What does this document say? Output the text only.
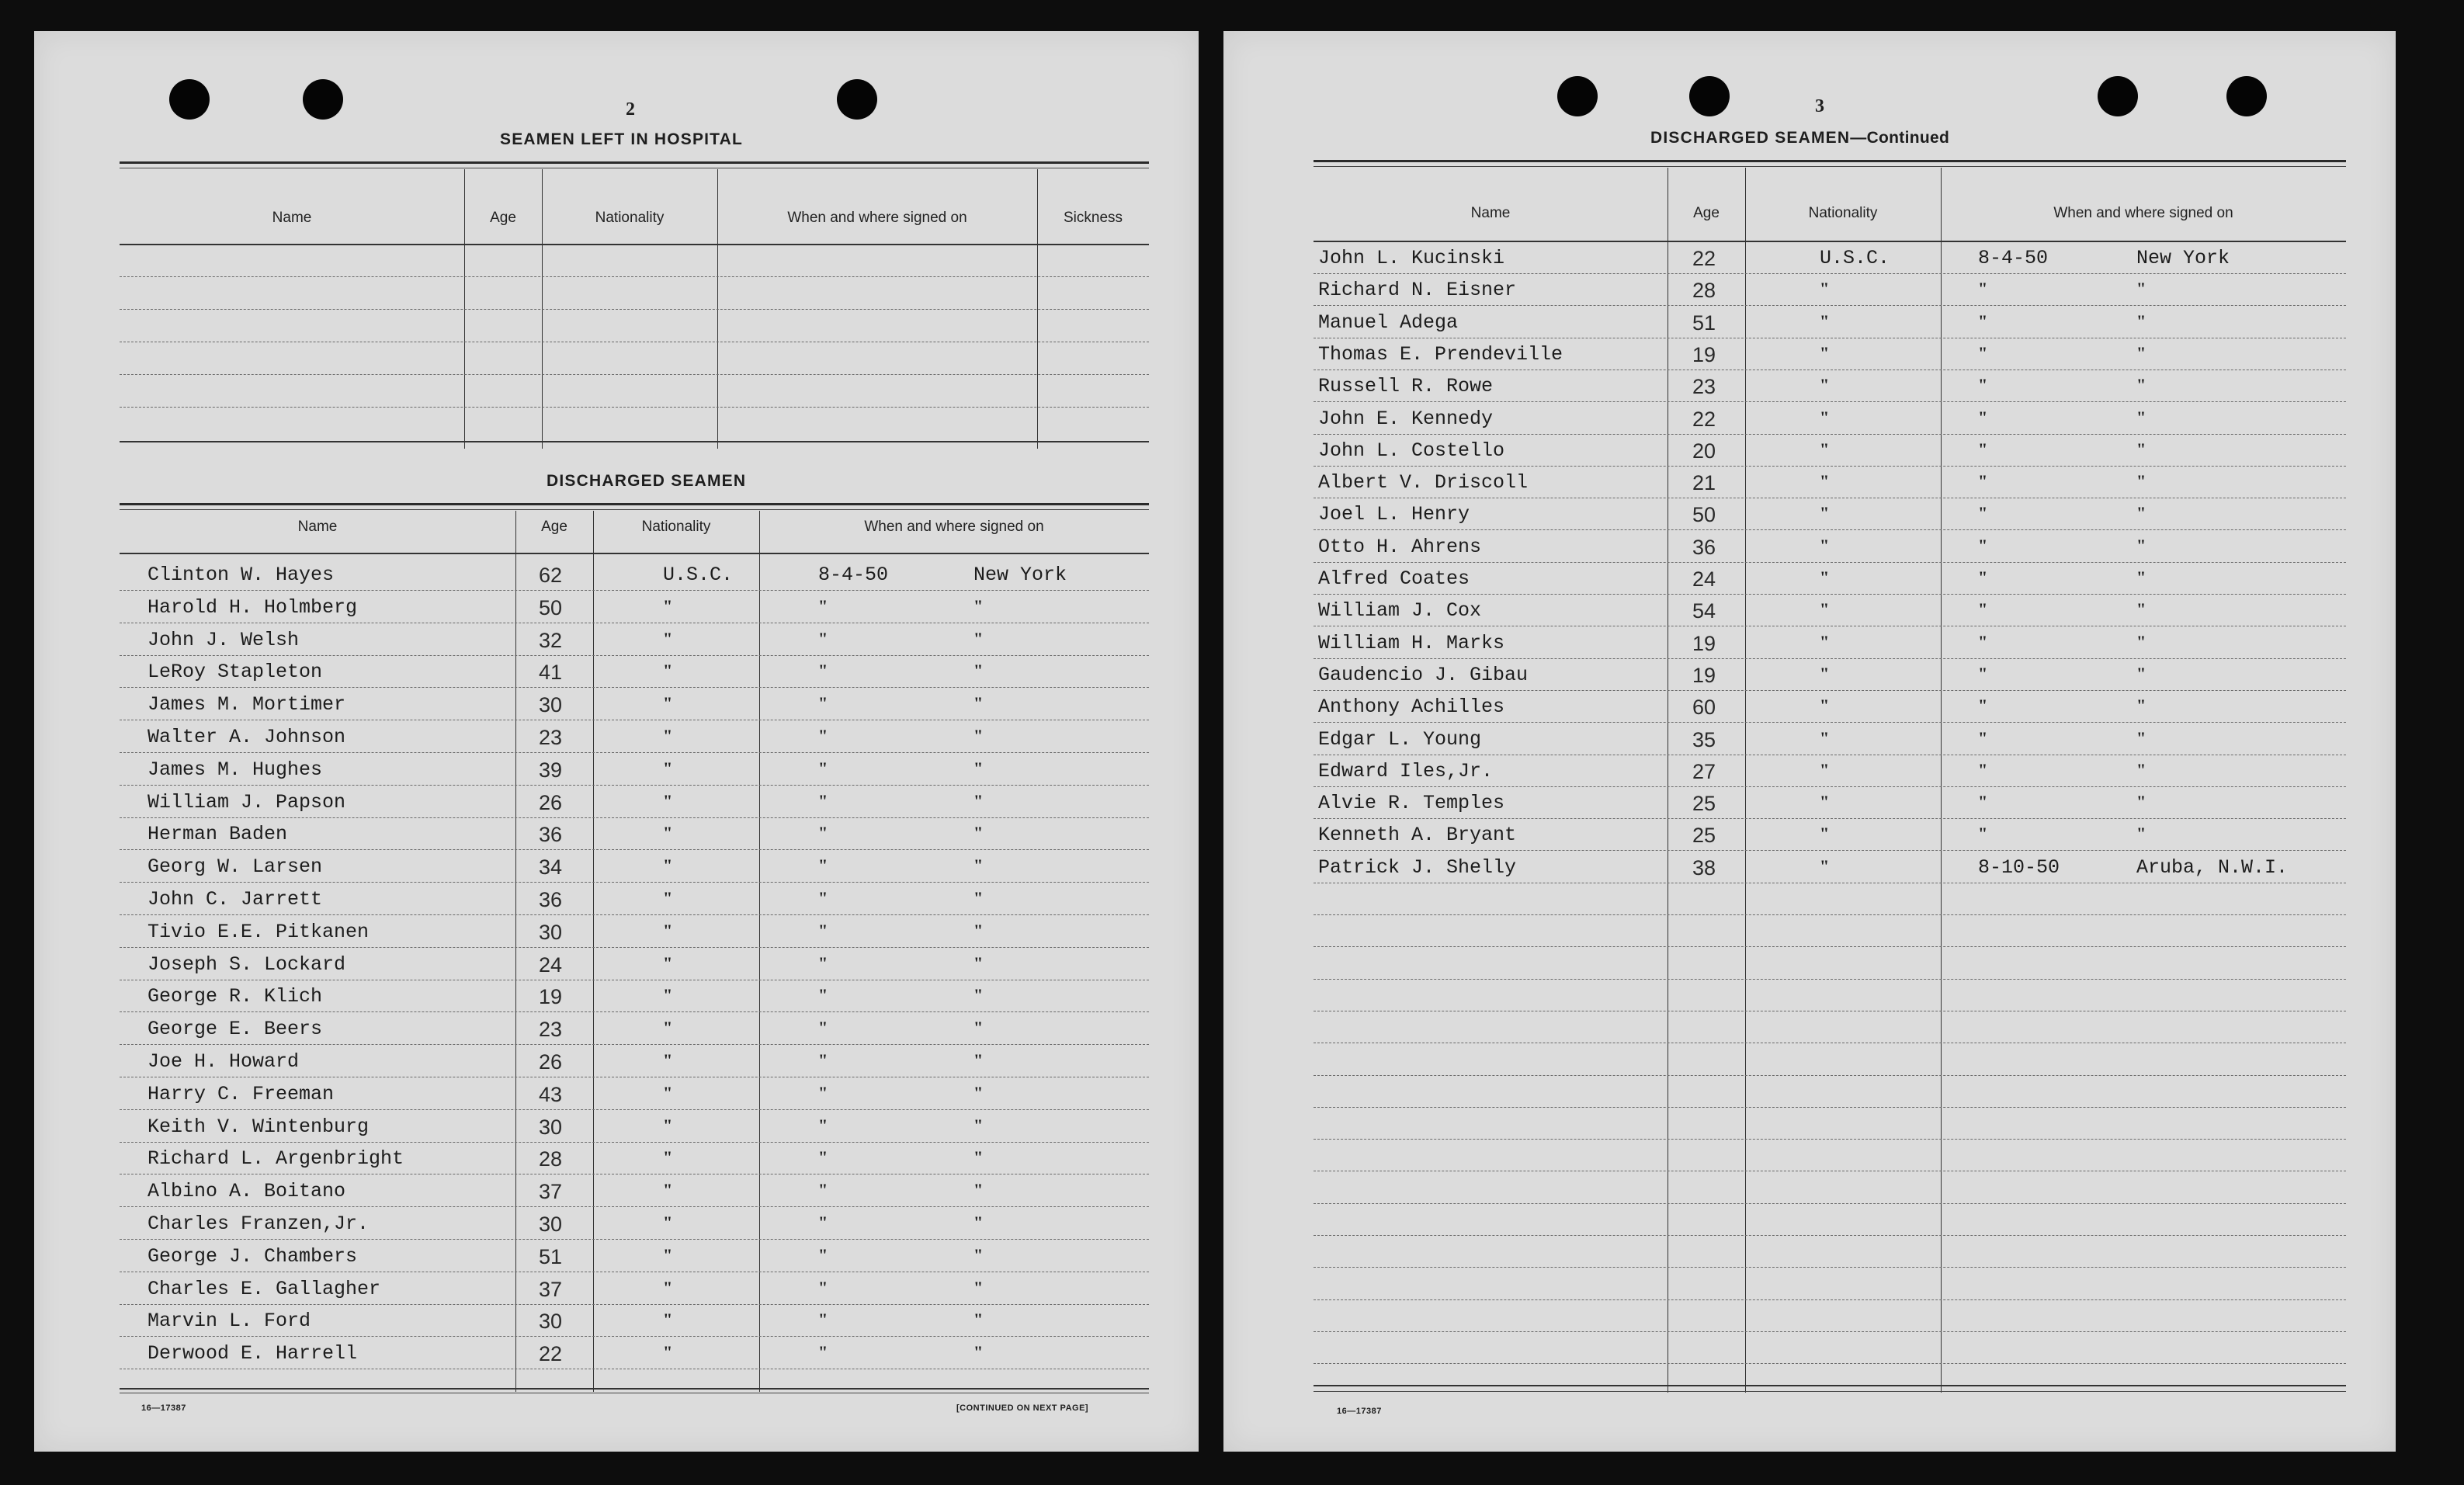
2
SEAMEN LEFT IN HOSPITAL
Name	Age	Nationality	When and where signed on	Sickness
DISCHARGED SEAMEN
Name	Age	Nationality	When and where signed on
Clinton W. Hayes	62	U.S.C.	8-4-50	New York
Harold H. Holmberg	50	"	"	"
John J. Welsh	32	"	"	"
LeRoy Stapleton	41	"	"	"
James M. Mortimer	30	"	"	"
Walter A. Johnson	23	"	"	"
James M. Hughes	39	"	"	"
William J. Papson	26	"	"	"
Herman Baden	36	"	"	"
Georg W. Larsen	34	"	"	"
John C. Jarrett	36	"	"	"
Tivio E.E. Pitkanen	30	"	"	"
Joseph S. Lockard	24	"	"	"
George R. Klich	19	"	"	"
George E. Beers	23	"	"	"
Joe H. Howard	26	"	"	"
Harry C. Freeman	43	"	"	"
Keith V. Wintenburg	30	"	"	"
Richard L. Argenbright	28	"	"	"
Albino A. Boitano	37	"	"	"
Charles Franzen,Jr.	30	"	"	"
George J. Chambers	51	"	"	"
Charles E. Gallagher	37	"	"	"
Marvin L. Ford	30	"	"	"
Derwood E. Harrell	22	"	"	"
16—17387	[CONTINUED ON NEXT PAGE]
3
DISCHARGED SEAMEN—Continued
Name	Age	Nationality	When and where signed on
John L. Kucinski	22	U.S.C.	8-4-50	New York
Richard N. Eisner	28	"	"	"
Manuel Adega	51	"	"	"
Thomas E. Prendeville	19	"	"	"
Russell R. Rowe	23	"	"	"
John E. Kennedy	22	"	"	"
John L. Costello	20	"	"	"
Albert V. Driscoll	21	"	"	"
Joel L. Henry	50	"	"	"
Otto H. Ahrens	36	"	"	"
Alfred Coates	24	"	"	"
William J. Cox	54	"	"	"
William H. Marks	19	"	"	"
Gaudencio J. Gibau	19	"	"	"
Anthony Achilles	60	"	"	"
Edgar L. Young	35	"	"	"
Edward Iles,Jr.	27	"	"	"
Alvie R. Temples	25	"	"	"
Kenneth A. Bryant	25	"	"	"
Patrick J. Shelly	38	"	8-10-50	Aruba, N.W.I.
16—17387
